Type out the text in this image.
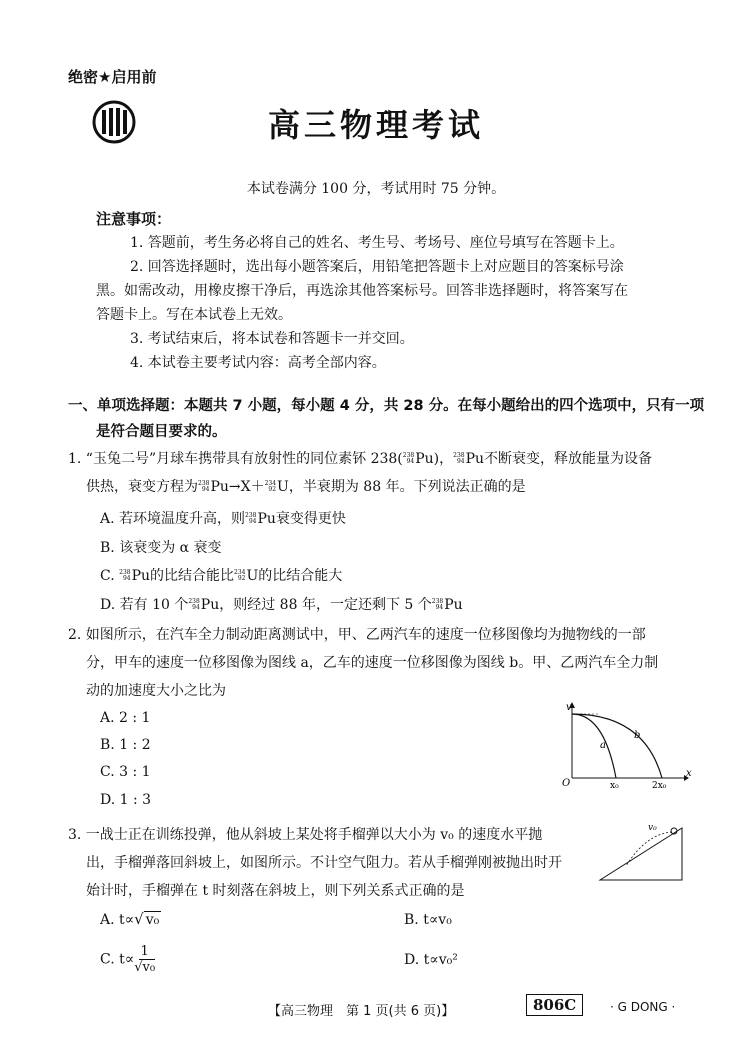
绝密★启用前
高三物理考试
本试卷满分 100 分，考试用时 75 分钟。
注意事项：
1. 答题前，考生务必将自己的姓名、考生号、考场号、座位号填写在答题卡上。
2. 回答选择题时，选出每小题答案后，用铅笔把答题卡上对应题目的答案标号涂
黑。如需改动，用橡皮擦干净后，再选涂其他答案标号。回答非选择题时，将答案写在
答题卡上。写在本试卷上无效。
3. 考试结束后，将本试卷和答题卡一并交回。
4. 本试卷主要考试内容：高考全部内容。
一、单项选择题：本题共 7 小题，每小题 4 分，共 28 分。在每小题给出的四个选项中，只有一项
是符合题目要求的。
1. “玉兔二号”月球车携带具有放射性的同位素钚 238(238
94Pu)，238
94Pu不断衰变，释放能量为设备
供热，衰变方程为238
94Pu→X＋234
92U，半衰期为 88 年。下列说法正确的是
A. 若环境温度升高，则238
94Pu衰变得更快
B. 该衰变为 α 衰变
C. 238
94Pu的比结合能比234
92U的比结合能大
D. 若有 10 个238
94Pu，则经过 88 年，一定还剩下 5 个238
94Pu
2. 如图所示，在汽车全力制动距离测试中，甲、乙两汽车的速度一位移图像均为抛物线的一部
分，甲车的速度一位移图像为图线 a，乙车的速度一位移图像为图线 b。甲、乙两汽车全力制
动的加速度大小之比为
A. 2 : 1
B. 1 : 2
C. 3 : 1
D. 1 : 3
v
x
O
a
b
x₀	2x₀
3. 一战士正在训练投弹，他从斜坡上某处将手榴弹以大小为 v₀ 的速度水平抛
出，手榴弹落回斜坡上，如图所示。不计空气阻力。若从手榴弹刚被抛出时开
始计时，手榴弹在 t 时刻落在斜坡上，则下列关系式正确的是
v₀
A. t∝√ v₀	B. t∝v₀
C. $t\propto \frac{1}{\text{√v₀}}$	D. t∝v₀²
【高三物理　第 1 页(共 6 页)】	806C	· G DONG ·
